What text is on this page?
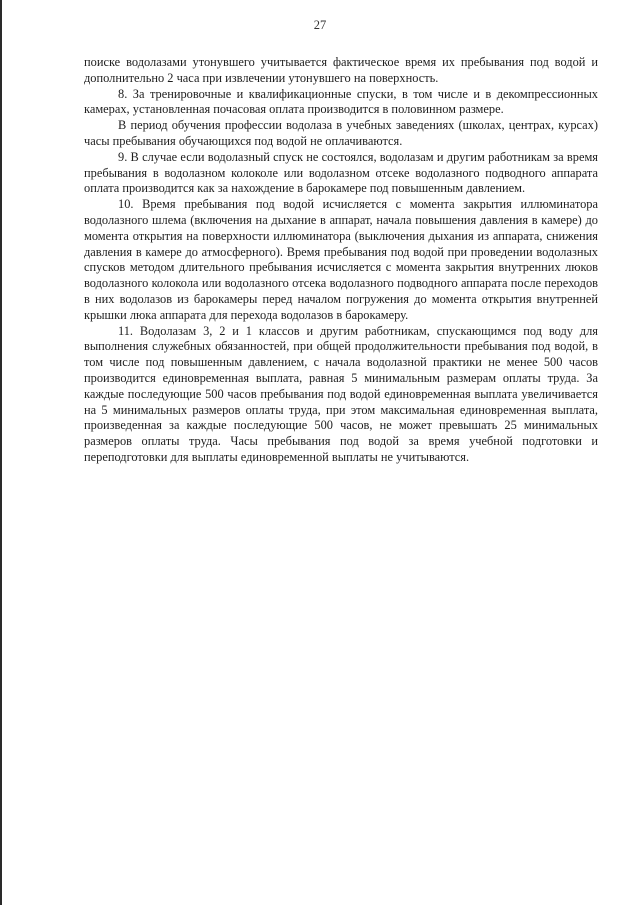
27

поиске водолазами утонувшего учитывается фактическое время их пребывания под водой и дополнительно 2 часа при извлечении утонувшего на поверхность.

8. За тренировочные и квалификационные спуски, в том числе и в декомпрессионных камерах, установленная почасовая оплата производится в половинном размере.

В период обучения профессии водолаза в учебных заведениях (школах, центрах, курсах) часы пребывания обучающихся под водой не оплачиваются.

9. В случае если водолазный спуск не состоялся, водолазам и другим работникам за время пребывания в водолазном колоколе или водолазном отсеке водолазного подводного аппарата оплата производится как за нахождение в барокамере под повышенным давлением.

10. Время пребывания под водой исчисляется с момента закрытия иллюминатора водолазного шлема (включения на дыхание в аппарат, начала повышения давления в камере) до момента открытия на поверхности иллюминатора (выключения дыхания из аппарата, снижения давления в камере до атмосферного). Время пребывания под водой при проведении водолазных спусков методом длительного пребывания исчисляется с момента закрытия внутренних люков водолазного колокола или водолазного отсека водолазного подводного аппарата после переходов в них водолазов из барокамеры перед началом погружения до момента открытия внутренней крышки люка аппарата для перехода водолазов в барокамеру.

11. Водолазам 3, 2 и 1 классов и другим работникам, спускающимся под воду для выполнения служебных обязанностей, при общей продолжительности пребывания под водой, в том числе под повышенным давлением, с начала водолазной практики не менее 500 часов производится единовременная выплата, равная 5 минимальным размерам оплаты труда. За каждые последующие 500 часов пребывания под водой единовременная выплата увеличивается на 5 минимальных размеров оплаты труда, при этом максимальная единовременная выплата, произведенная за каждые последующие 500 часов, не может превышать 25 минимальных размеров оплаты труда. Часы пребывания под водой за время учебной подготовки и переподготовки для выплаты единовременной выплаты не учитываются.
